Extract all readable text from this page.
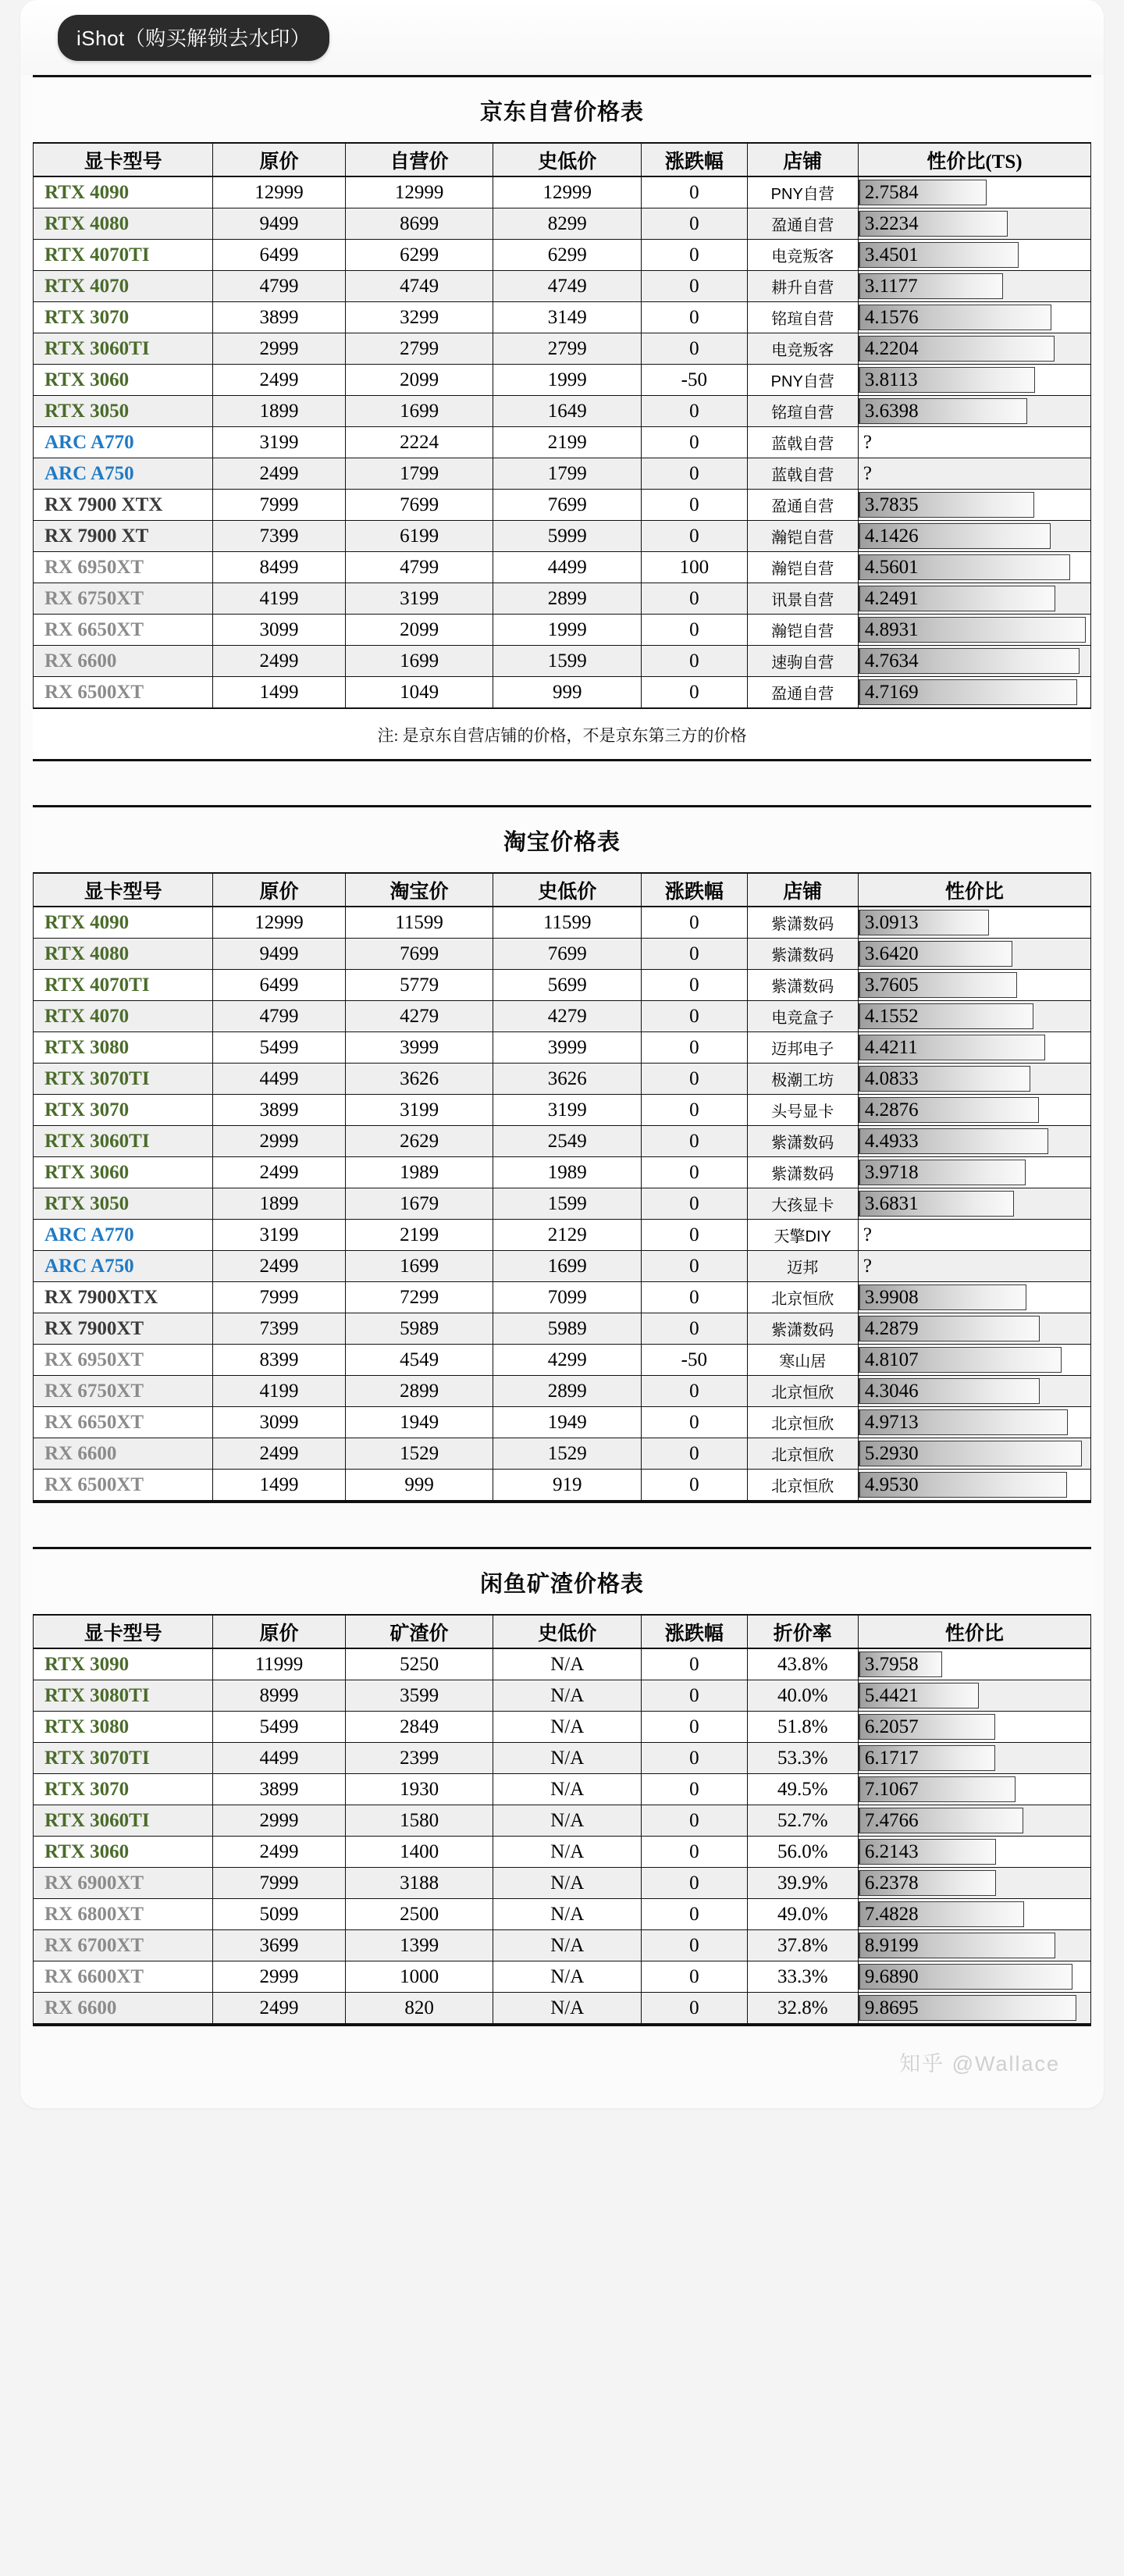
iShot（购买解锁去水印）
京东自营价格表
显卡型号	原价	自营价	史低价	涨跌幅	店铺	性价比(TS)
RTX 4090	12999	12999	12999	0	PNY自营	2.7584

RTX 4080	9499	8699	8299	0	盈通自营	3.2234

RTX 4070TI	6499	6299	6299	0	电竞叛客	3.4501

RTX 4070	4799	4749	4749	0	耕升自营	3.1177

RTX 3070	3899	3299	3149	0	铭瑄自营	4.1576

RTX 3060TI	2999	2799	2799	0	电竞叛客	4.2204

RTX 3060	2499	2099	1999	-50	PNY自营	3.8113

RTX 3050	1899	1699	1649	0	铭瑄自营	3.6398

ARC A770	3199	2224	2199	0	蓝戟自营	?

ARC A750	2499	1799	1799	0	蓝戟自营	?

RX 7900 XTX	7999	7699	7699	0	盈通自营	3.7835

RX 7900 XT	7399	6199	5999	0	瀚铠自营	4.1426

RX 6950XT	8499	4799	4499	100	瀚铠自营	4.5601

RX 6750XT	4199	3199	2899	0	讯景自营	4.2491

RX 6650XT	3099	2099	1999	0	瀚铠自营	4.8931

RX 6600	2499	1699	1599	0	速驹自营	4.7634

RX 6500XT	1499	1049	999	0	盈通自营	4.7169
注: 是京东自营店铺的价格，不是京东第三方的价格
淘宝价格表
显卡型号	原价	淘宝价	史低价	涨跌幅	店铺	性价比
RTX 4090	12999	11599	11599	0	紫潇数码	3.0913

RTX 4080	9499	7699	7699	0	紫潇数码	3.6420

RTX 4070TI	6499	5779	5699	0	紫潇数码	3.7605

RTX 4070	4799	4279	4279	0	电竞盒子	4.1552

RTX 3080	5499	3999	3999	0	迈邦电子	4.4211

RTX 3070TI	4499	3626	3626	0	极潮工坊	4.0833

RTX 3070	3899	3199	3199	0	头号显卡	4.2876

RTX 3060TI	2999	2629	2549	0	紫潇数码	4.4933

RTX 3060	2499	1989	1989	0	紫潇数码	3.9718

RTX 3050	1899	1679	1599	0	大孩显卡	3.6831

ARC A770	3199	2199	2129	0	天擎DIY	?

ARC A750	2499	1699	1699	0	迈邦	?

RX 7900XTX	7999	7299	7099	0	北京恒欣	3.9908

RX 7900XT	7399	5989	5989	0	紫潇数码	4.2879

RX 6950XT	8399	4549	4299	-50	寒山居	4.8107

RX 6750XT	4199	2899	2899	0	北京恒欣	4.3046

RX 6650XT	3099	1949	1949	0	北京恒欣	4.9713

RX 6600	2499	1529	1529	0	北京恒欣	5.2930

RX 6500XT	1499	999	919	0	北京恒欣	4.9530
闲鱼矿渣价格表
显卡型号	原价	矿渣价	史低价	涨跌幅	折价率	性价比
RTX 3090	11999	5250	N/A	0	43.8%	3.7958

RTX 3080TI	8999	3599	N/A	0	40.0%	5.4421

RTX 3080	5499	2849	N/A	0	51.8%	6.2057

RTX 3070TI	4499	2399	N/A	0	53.3%	6.1717

RTX 3070	3899	1930	N/A	0	49.5%	7.1067

RTX 3060TI	2999	1580	N/A	0	52.7%	7.4766

RTX 3060	2499	1400	N/A	0	56.0%	6.2143

RX 6900XT	7999	3188	N/A	0	39.9%	6.2378

RX 6800XT	5099	2500	N/A	0	49.0%	7.4828

RX 6700XT	3699	1399	N/A	0	37.8%	8.9199

RX 6600XT	2999	1000	N/A	0	33.3%	9.6890

RX 6600	2499	820	N/A	0	32.8%	9.8695
知乎 @Wallace
